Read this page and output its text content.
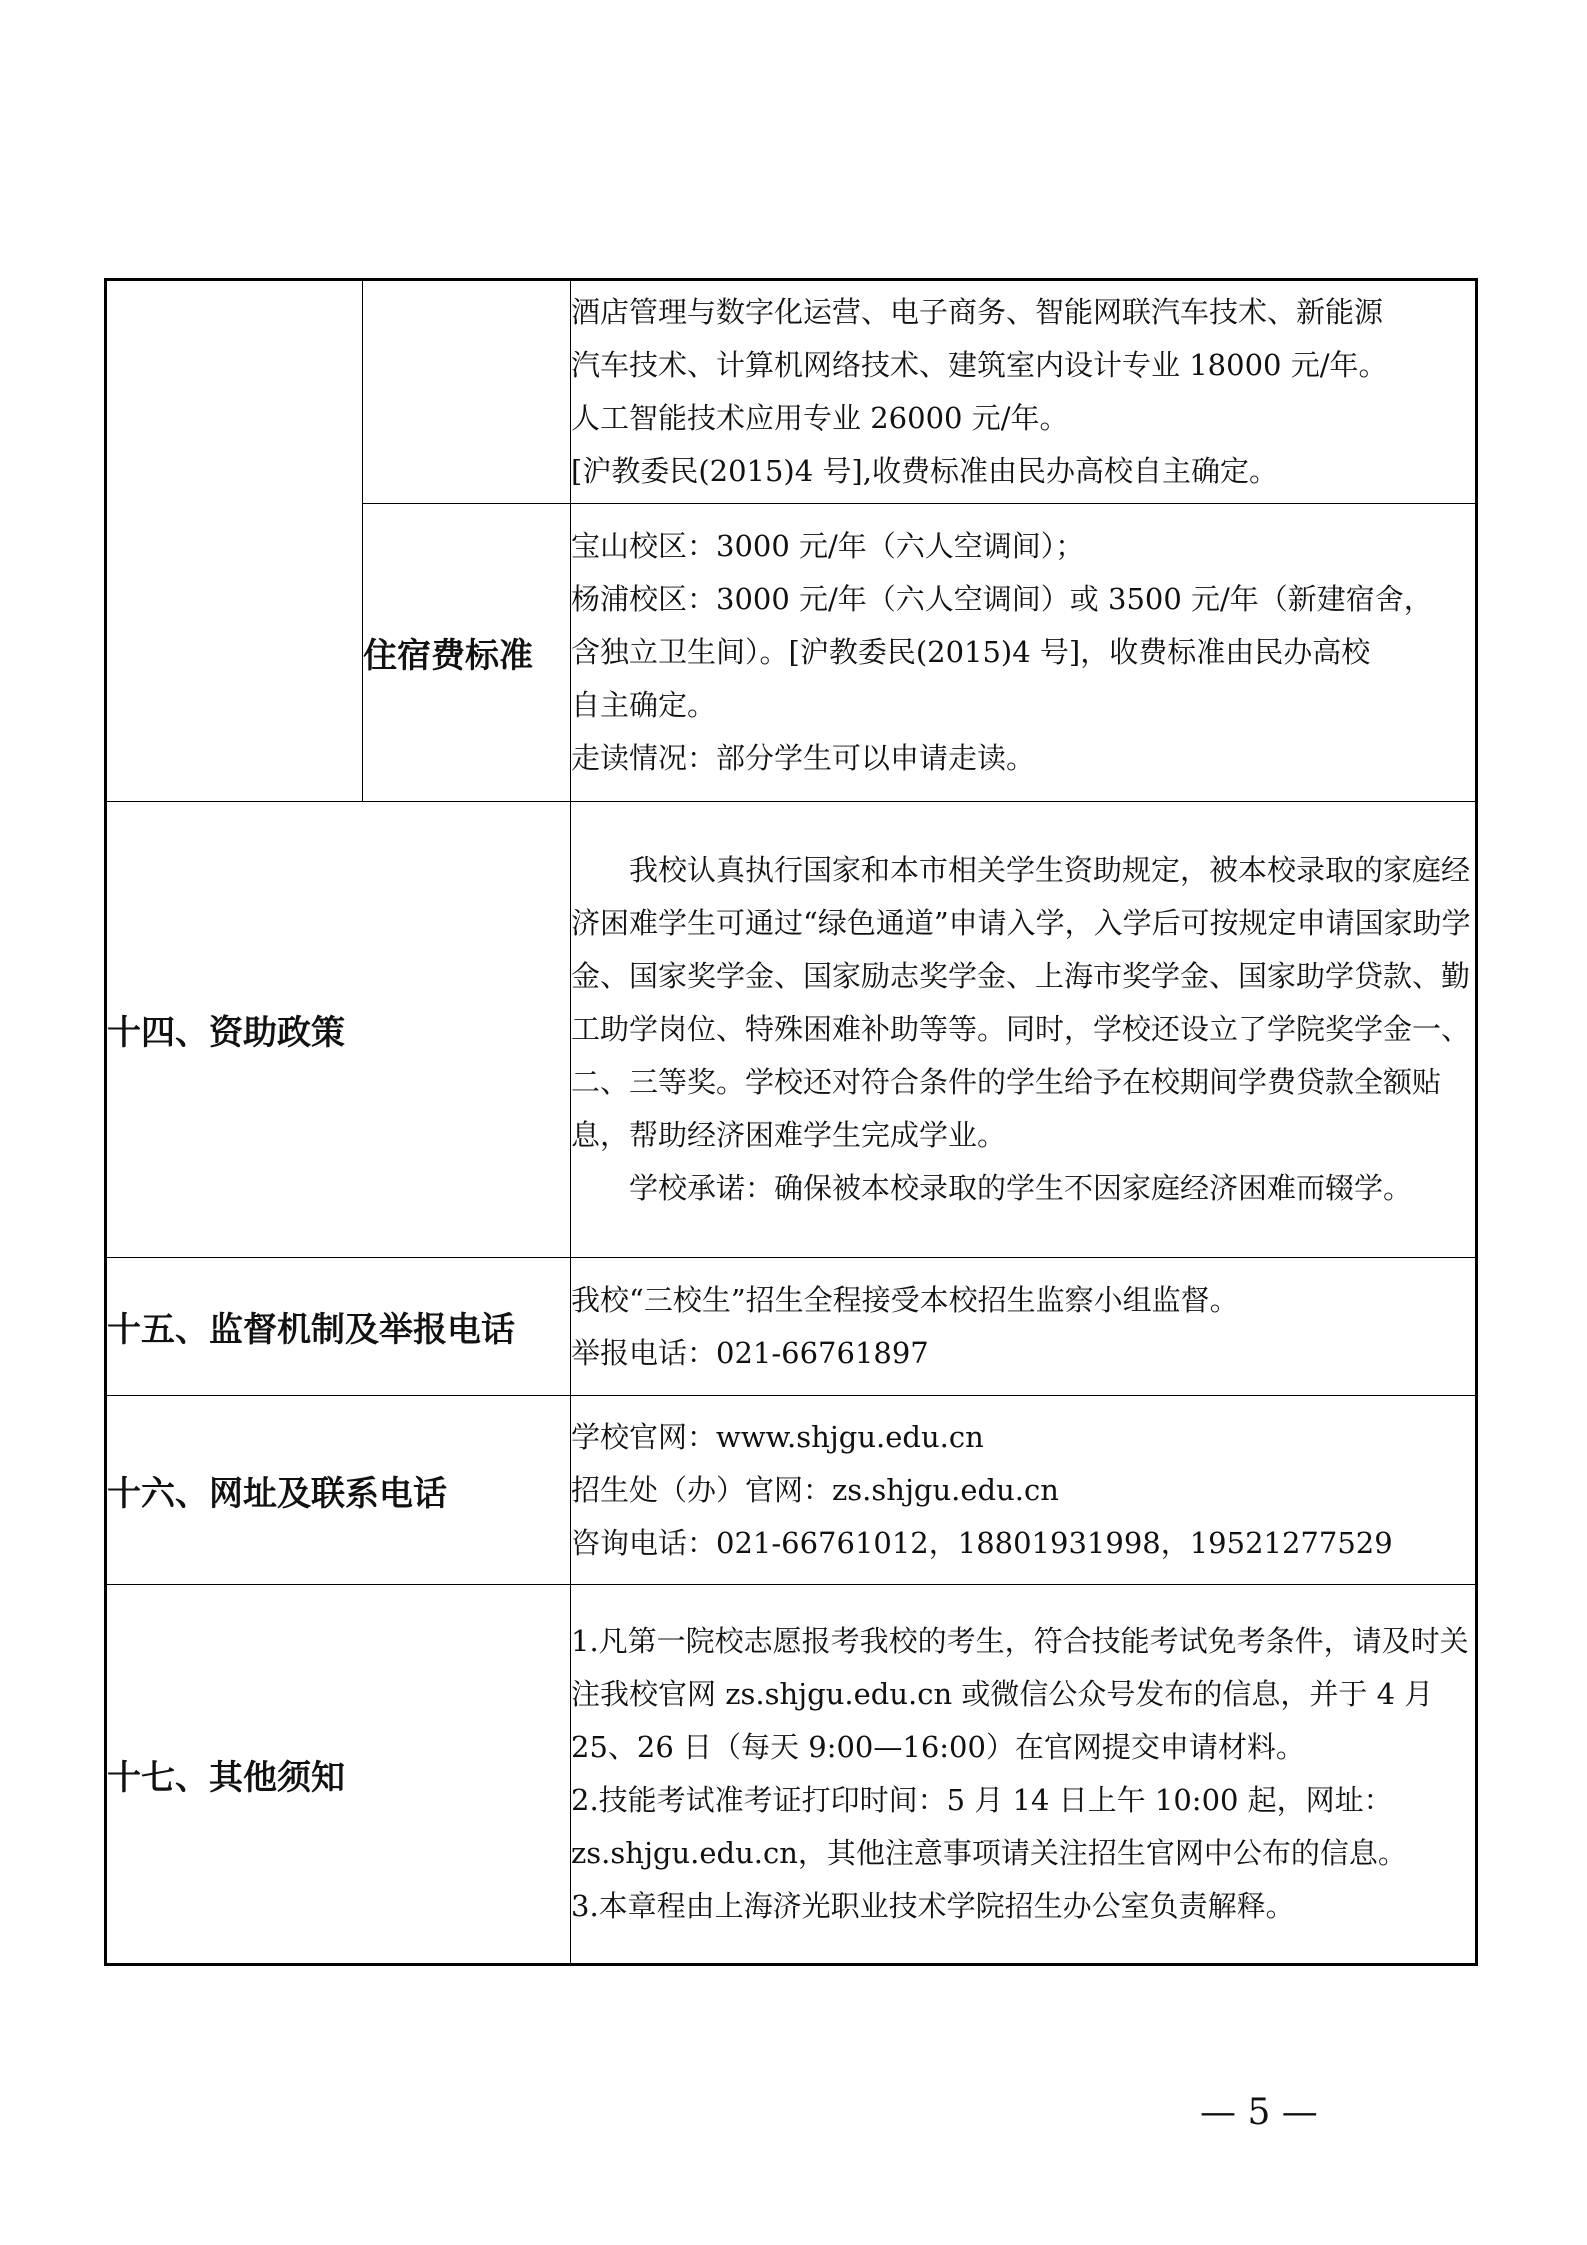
		酒店管理与数字化运营、电子商务、智能网联汽车技术、新能源

汽车技术、计算机网络技术、建筑室内设计专业 18000 元/年。

人工智能技术应用专业 26000 元/年。

[沪教委民(2015)4 号],收费标准由民办高校自主确定。

	住宿费标准	宝山校区：3000 元/年（六人空调间）；

杨浦校区：3000 元/年（六人空调间）或 3500 元/年（新建宿舍，

含独立卫生间）。[沪教委民(2015)4 号]，收费标准由民办高校

自主确定。

走读情况：部分学生可以申请走读。

十四、资助政策		我校认真执行国家和本市相关学生资助规定，被本校录取的家庭经济困难学生可通过“绿色通道”申请入学，入学后可按规定申请国家助学金、国家奖学金、国家励志奖学金、上海市奖学金、国家助学贷款、勤工助学岗位、特殊困难补助等等。同时，学校还设立了学院奖学金一、二、三等奖。学校还对符合条件的学生给予在校期间学费贷款全额贴息，帮助经济困难学生完成学业。

学校承诺：确保被本校录取的学生不因家庭经济困难而辍学。

十五、监督机制及举报电话		我校“三校生”招生全程接受本校招生监察小组监督。

举报电话：021-66761897

十六、网址及联系电话		学校官网：www.shjgu.edu.cn

招生处（办）官网：zs.shjgu.edu.cn

咨询电话：021-66761012，18801931998，19521277529

十七、其他须知		1.凡第一院校志愿报考我校的考生，符合技能考试免考条件，请及时关注我校官网 zs.shjgu.edu.cn 或微信公众号发布的信息，并于 4 月 25、26 日（每天 9:00—16:00）在官网提交申请材料。

2.技能考试准考证打印时间：5 月 14 日上午 10:00 起，网址：zs.shjgu.edu.cn，其他注意事项请关注招生官网中公布的信息。

3.本章程由上海济光职业技术学院招生办公室负责解释。

— 5 —
